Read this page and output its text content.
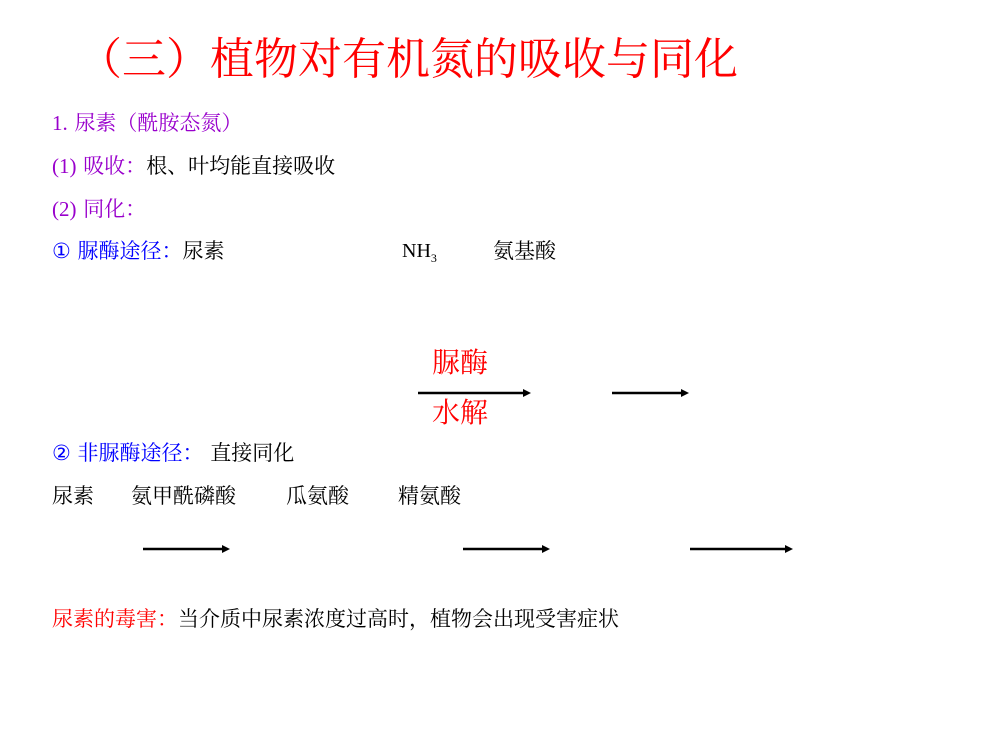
（三）植物对有机氮的吸收与同化
1. 尿素（酰胺态氮）
(1) 吸收：根、叶均能直接吸收
(2) 同化：
① 脲酶途径：尿素	$NH_3$	氨基酸
脲酶
水解
② 非脲酶途径： 直接同化
尿素 氨甲酰磷酸 瓜氨酸 精氨酸
尿素的毒害：当介质中尿素浓度过高时，植物会出现受害症状
